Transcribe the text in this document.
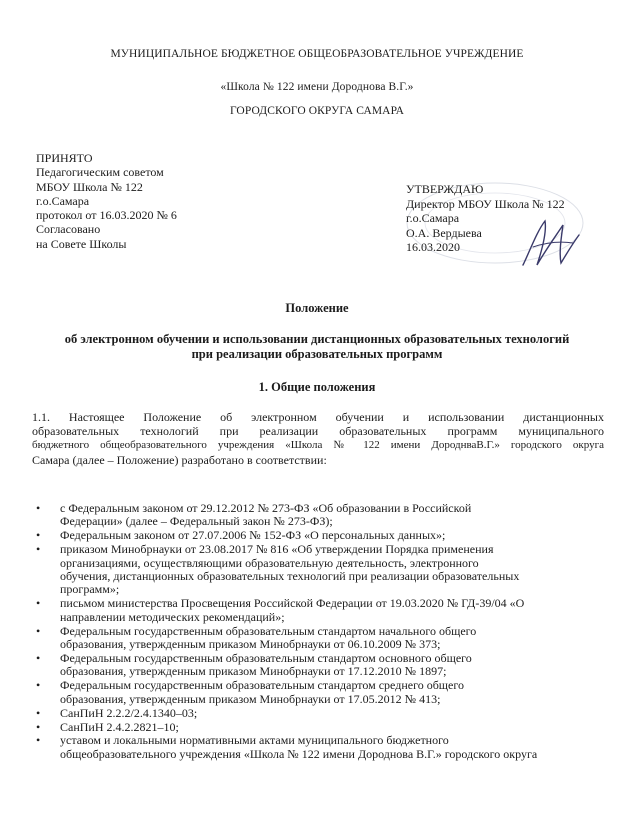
МУНИЦИПАЛЬНОЕ БЮДЖЕТНОЕ ОБЩЕОБРАЗОВАТЕЛЬНОЕ УЧРЕЖДЕНИЕ
«Школа № 122 имени Дороднова В.Г.»
ГОРОДСКОГО ОКРУГА САМАРА
ПРИНЯТО
Педагогическим советом
МБОУ Школа № 122
г.о.Самара
протокол от 16.03.2020 № 6
Согласовано
на Совете Школы
УТВЕРЖДАЮ
Директор МБОУ Школа № 122
г.о.Самара
О.А. Вердыева
16.03.2020
Положение
об электронном обучении и использовании дистанционных образовательных технологий
при реализации образовательных программ
1. Общие положения
1.1. Настоящее Положение об электронном обучении и использовании дистанционных
образовательных технологий при реализации образовательных программ муниципального
бюджетного общеобразовательного учреждения «Школа № 122 имени ДороднваВ.Г.» городского округа
Самара (далее – Положение) разработано в соответствии:
• с Федеральным законом от 29.12.2012 № 273-ФЗ «Об образовании в Российской
Федерации» (далее – Федеральный закон № 273-ФЗ);
• Федеральным законом от 27.07.2006 № 152-ФЗ «О персональных данных»;
• приказом Минобрнауки от 23.08.2017 № 816 «Об утверждении Порядка применения
организациями, осуществляющими образовательную деятельность, электронного
обучения, дистанционных образовательных технологий при реализации образовательных
программ»;
• письмом министерства Просвещения Российской Федерации от 19.03.2020 № ГД-39/04 «О
направлении методических рекомендаций»;
• Федеральным государственным образовательным стандартом начального общего
образования, утвержденным приказом Минобрнауки от 06.10.2009 № 373;
• Федеральным государственным образовательным стандартом основного общего
образования, утвержденным приказом Минобрнауки от 17.12.2010 № 1897;
• Федеральным государственным образовательным стандартом среднего общего
образования, утвержденным приказом Минобрнауки от 17.05.2012 № 413;
• СанПиН 2.2.2/2.4.1340–03;
• СанПиН 2.4.2.2821–10;
• уставом и локальными нормативными актами муниципального бюджетного
общеобразовательного учреждения «Школа № 122 имени Дороднова В.Г.» городского округа
